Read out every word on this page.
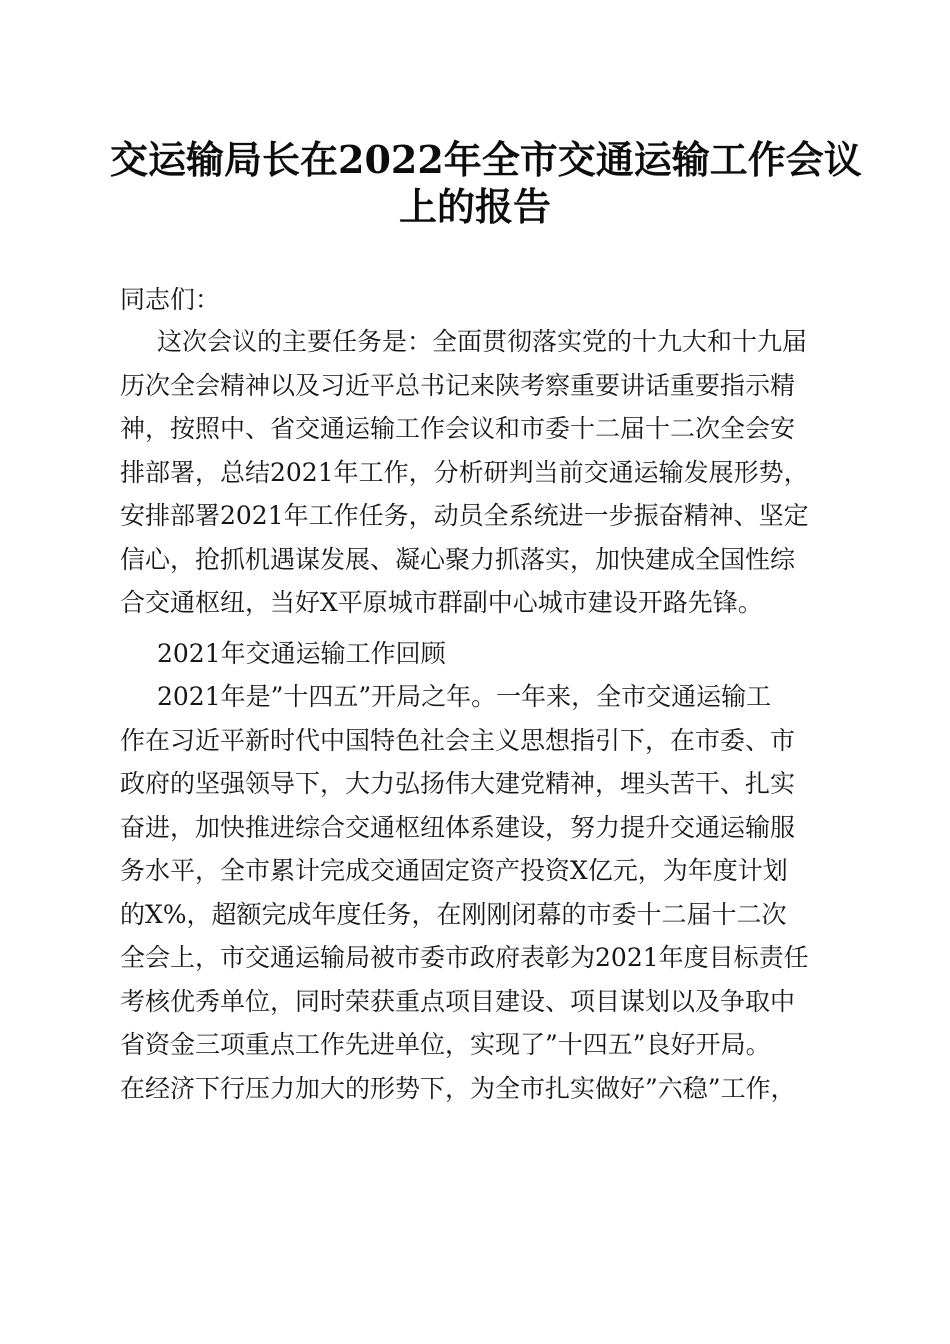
交运输局长在2022年全市交通运输工作会议
上的报告
同志们：
这次会议的主要任务是：全面贯彻落实党的十九大和十九届
历次全会精神以及习近平总书记来陕考察重要讲话重要指示精
神，按照中、省交通运输工作会议和市委十二届十二次全会安
排部署，总结2021年工作，分析研判当前交通运输发展形势，
安排部署2021年工作任务，动员全系统进一步振奋精神、坚定
信心，抢抓机遇谋发展、凝心聚力抓落实，加快建成全国性综
合交通枢纽，当好X平原城市群副中心城市建设开路先锋。
2021年交通运输工作回顾
2021年是”十四五”开局之年。一年来，全市交通运输工
作在习近平新时代中国特色社会主义思想指引下，在市委、市
政府的坚强领导下，大力弘扬伟大建党精神，埋头苦干、扎实
奋进，加快推进综合交通枢纽体系建设，努力提升交通运输服
务水平，全市累计完成交通固定资产投资X亿元，为年度计划
的X%，超额完成年度任务，在刚刚闭幕的市委十二届十二次
全会上，市交通运输局被市委市政府表彰为2021年度目标责任
考核优秀单位，同时荣获重点项目建设、项目谋划以及争取中
省资金三项重点工作先进单位，实现了”十四五”良好开局。
在经济下行压力加大的形势下，为全市扎实做好”六稳”工作，
